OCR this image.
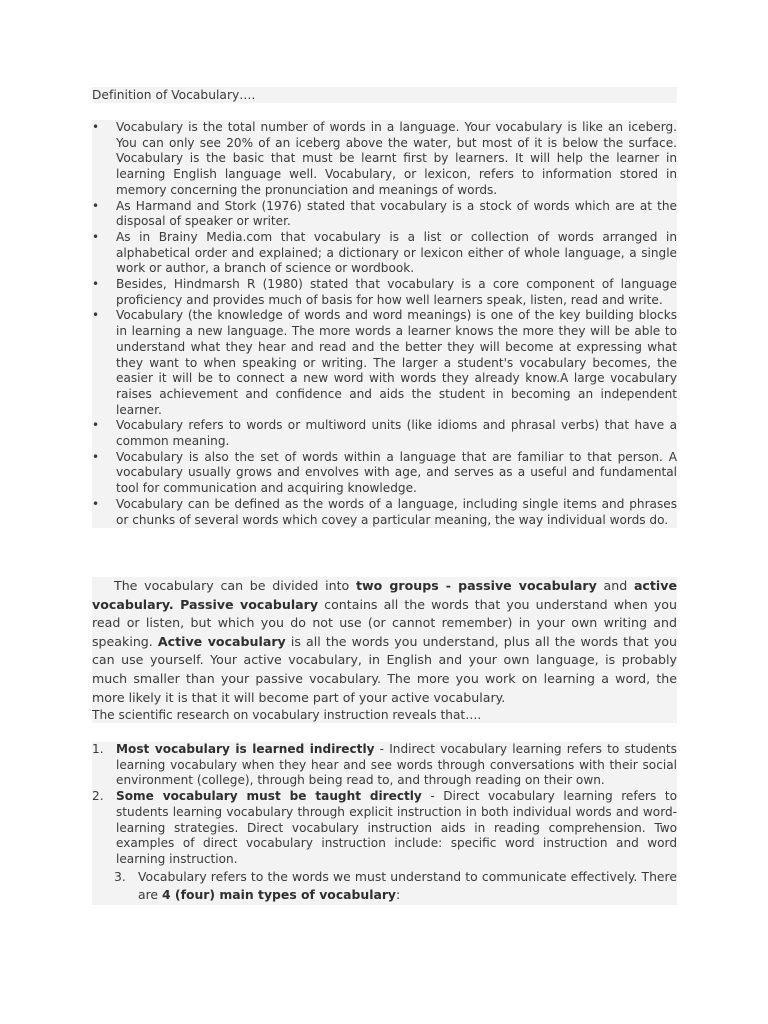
Definition of Vocabulary….
• Vocabulary is the total number of words in a language. Your vocabulary is like an iceberg. You can only see 20% of an iceberg above the water, but most of it is below the surface. Vocabulary is the basic that must be learnt first by learners. It will help the learner in learning English language well. Vocabulary, or lexicon, refers to information stored in memory concerning the pronunciation and meanings of words.
• As Harmand and Stork (1976) stated that vocabulary is a stock of words which are at the disposal of speaker or writer.
• As in Brainy Media.com that vocabulary is a list or collection of words arranged in alphabetical order and explained; a dictionary or lexicon either of whole language, a single work or author, a branch of science or wordbook.
• Besides, Hindmarsh R (1980) stated that vocabulary is a core component of language proficiency and provides much of basis for how well learners speak, listen, read and write.
• Vocabulary (the knowledge of words and word meanings) is one of the key building blocks in learning a new language. The more words a learner knows the more they will be able to understand what they hear and read and the better they will become at expressing what they want to when speaking or writing. The larger a student's vocabulary becomes, the easier it will be to connect a new word with words they already know.A large vocabulary raises achievement and confidence and aids the student in becoming an independent learner.
• Vocabulary refers to words or multiword units (like idioms and phrasal verbs) that have a common meaning.
• Vocabulary is also the set of words within a language that are familiar to that person. A vocabulary usually grows and envolves with age, and serves as a useful and fundamental tool for communication and acquiring knowledge.
• Vocabulary can be defined as the words of a language, including single items and phrases or chunks of several words which covey a particular meaning, the way individual words do.

The vocabulary can be divided into two groups - passive vocabulary and active vocabulary. Passive vocabulary contains all the words that you understand when you read or listen, but which you do not use (or cannot remember) in your own writing and speaking. Active vocabulary is all the words you understand, plus all the words that you can use yourself. Your active vocabulary, in English and your own language, is probably much smaller than your passive vocabulary. The more you work on learning a word, the more likely it is that it will become part of your active vocabulary.

The scientific research on vocabulary instruction reveals that….

1. Most vocabulary is learned indirectly - Indirect vocabulary learning refers to students learning vocabulary when they hear and see words through conversations with their social environment (college), through being read to, and through reading on their own.
2. Some vocabulary must be taught directly - Direct vocabulary learning refers to students learning vocabulary through explicit instruction in both individual words and word-learning strategies. Direct vocabulary instruction aids in reading comprehension. Two examples of direct vocabulary instruction include: specific word instruction and word learning instruction.
3. Vocabulary refers to the words we must understand to communicate effectively. There are 4 (four) main types of vocabulary:
